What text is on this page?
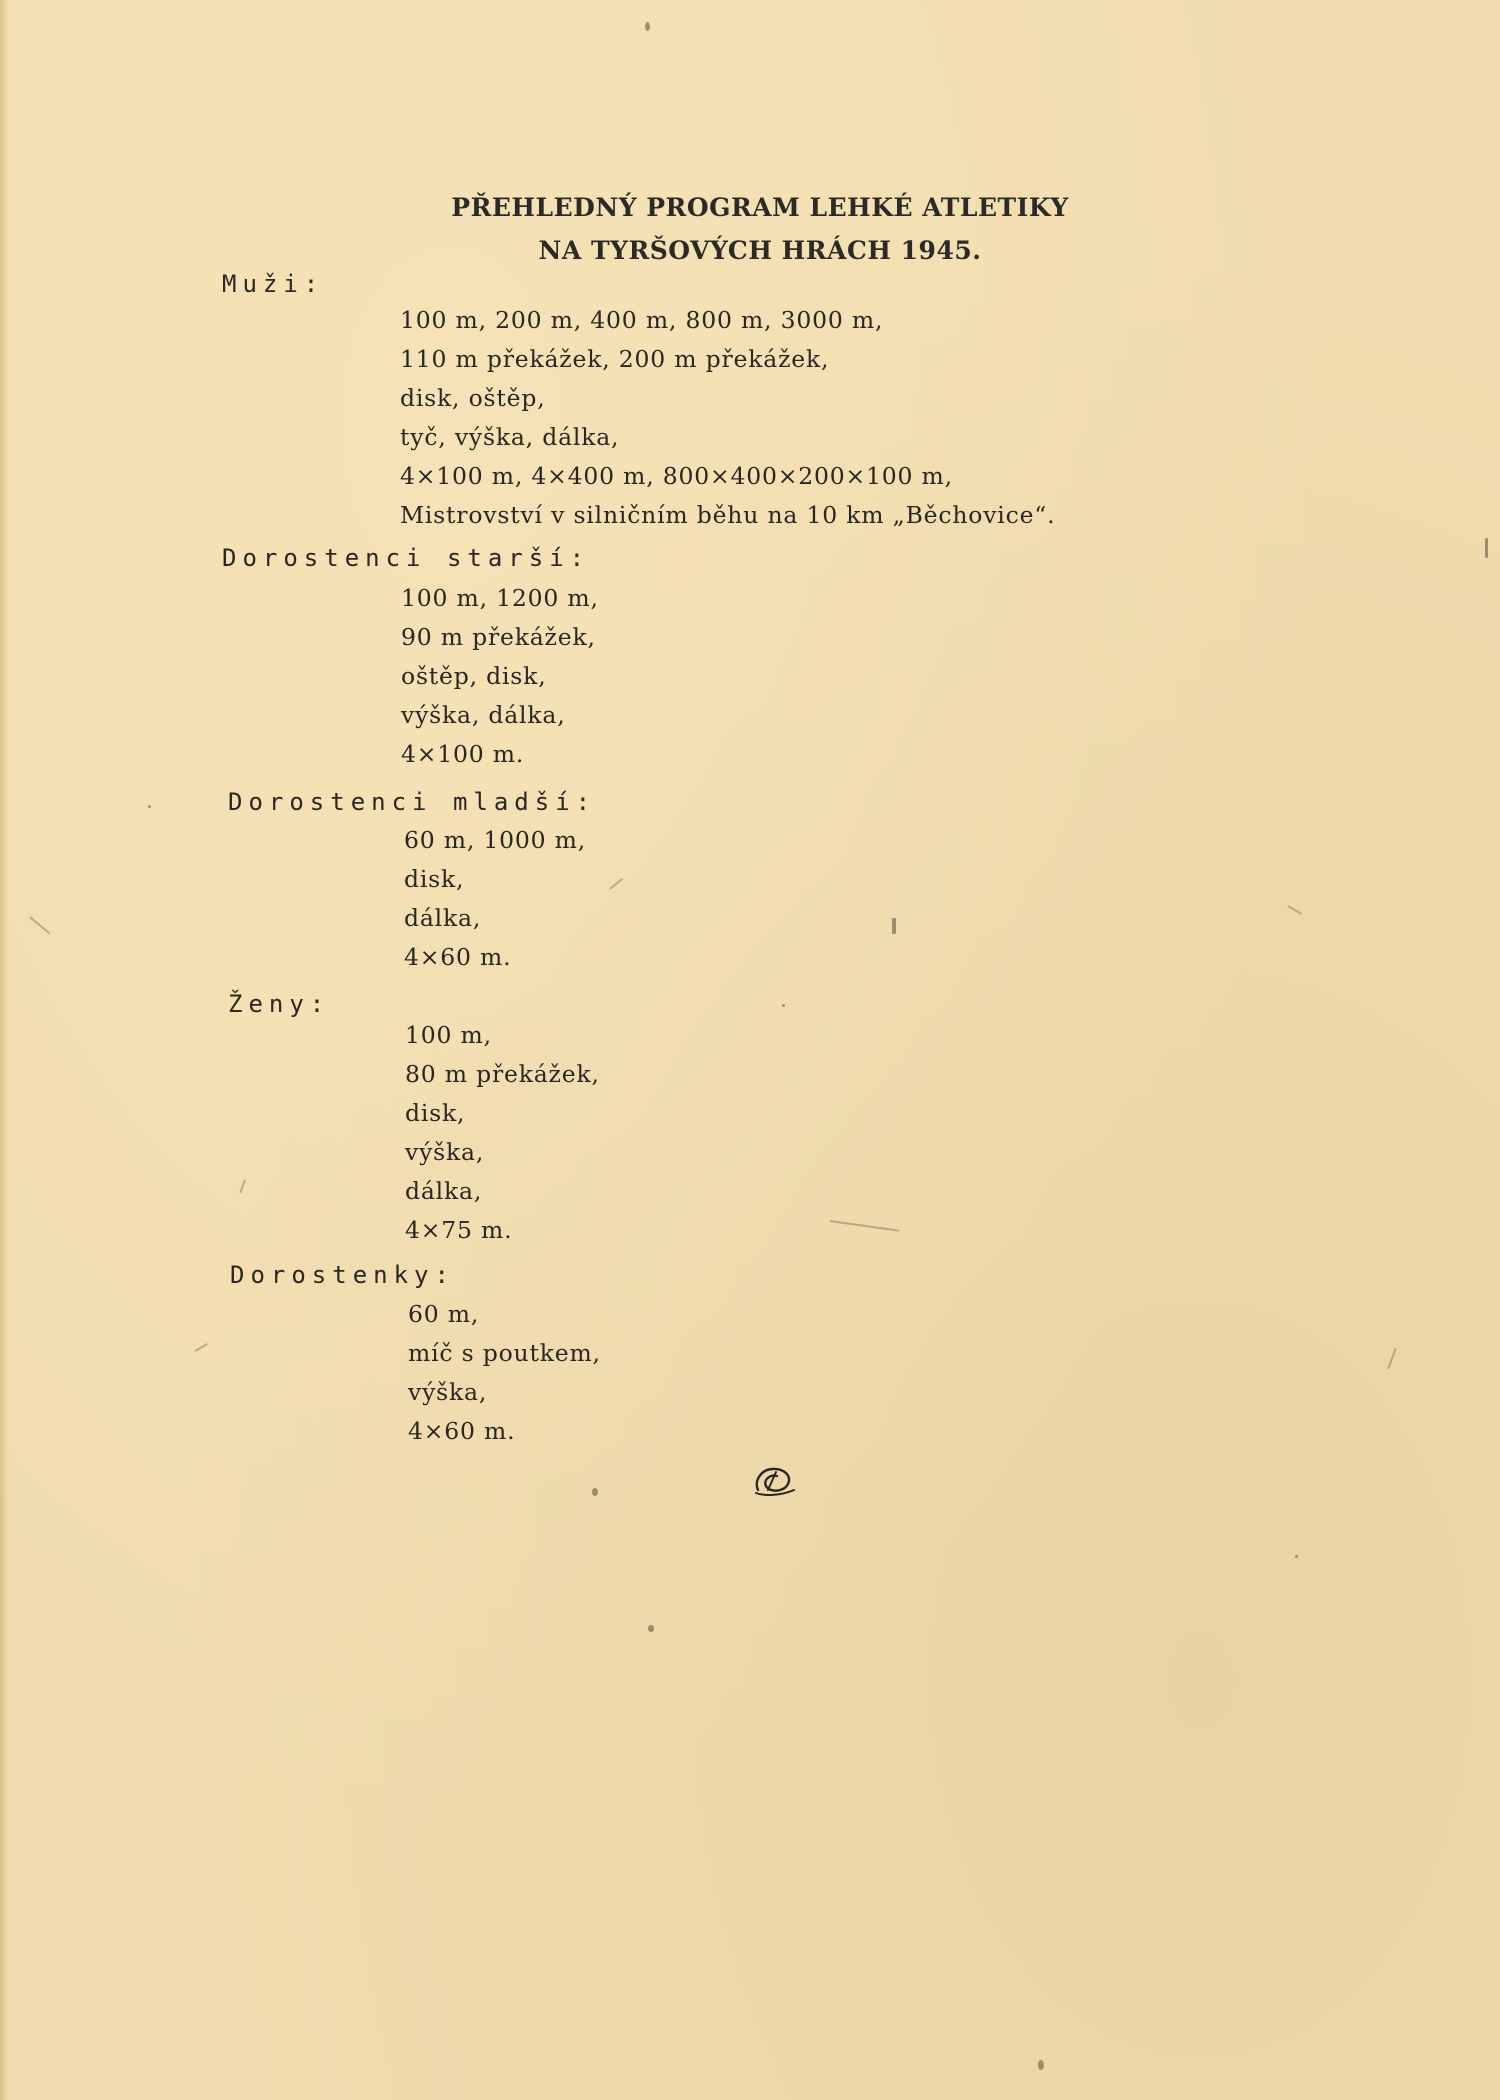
PŘEHLEDNÝ PROGRAM LEHKÉ ATLETIKY
NA TYRŠOVÝCH HRÁCH 1945.

Muži:

100 m, 200 m, 400 m, 800 m, 3000 m,
110 m překážek, 200 m překážek,
disk, oštěp,
tyč, výška, dálka,
4×100 m, 4×400 m, 800×400×200×100 m,
Mistrovství v silničním běhu na 10 km „Běchovice“.

Dorostenci starší:

100 m, 1200 m,
90 m překážek,
oštěp, disk,
výška, dálka,
4×100 m.

Dorostenci mladší:

60 m, 1000 m,
disk,
dálka,
4×60 m.

Ženy:

100 m,
80 m překážek,
disk,
výška,
dálka,
4×75 m.

Dorostenky:

60 m,
míč s poutkem,
výška,
4×60 m.
